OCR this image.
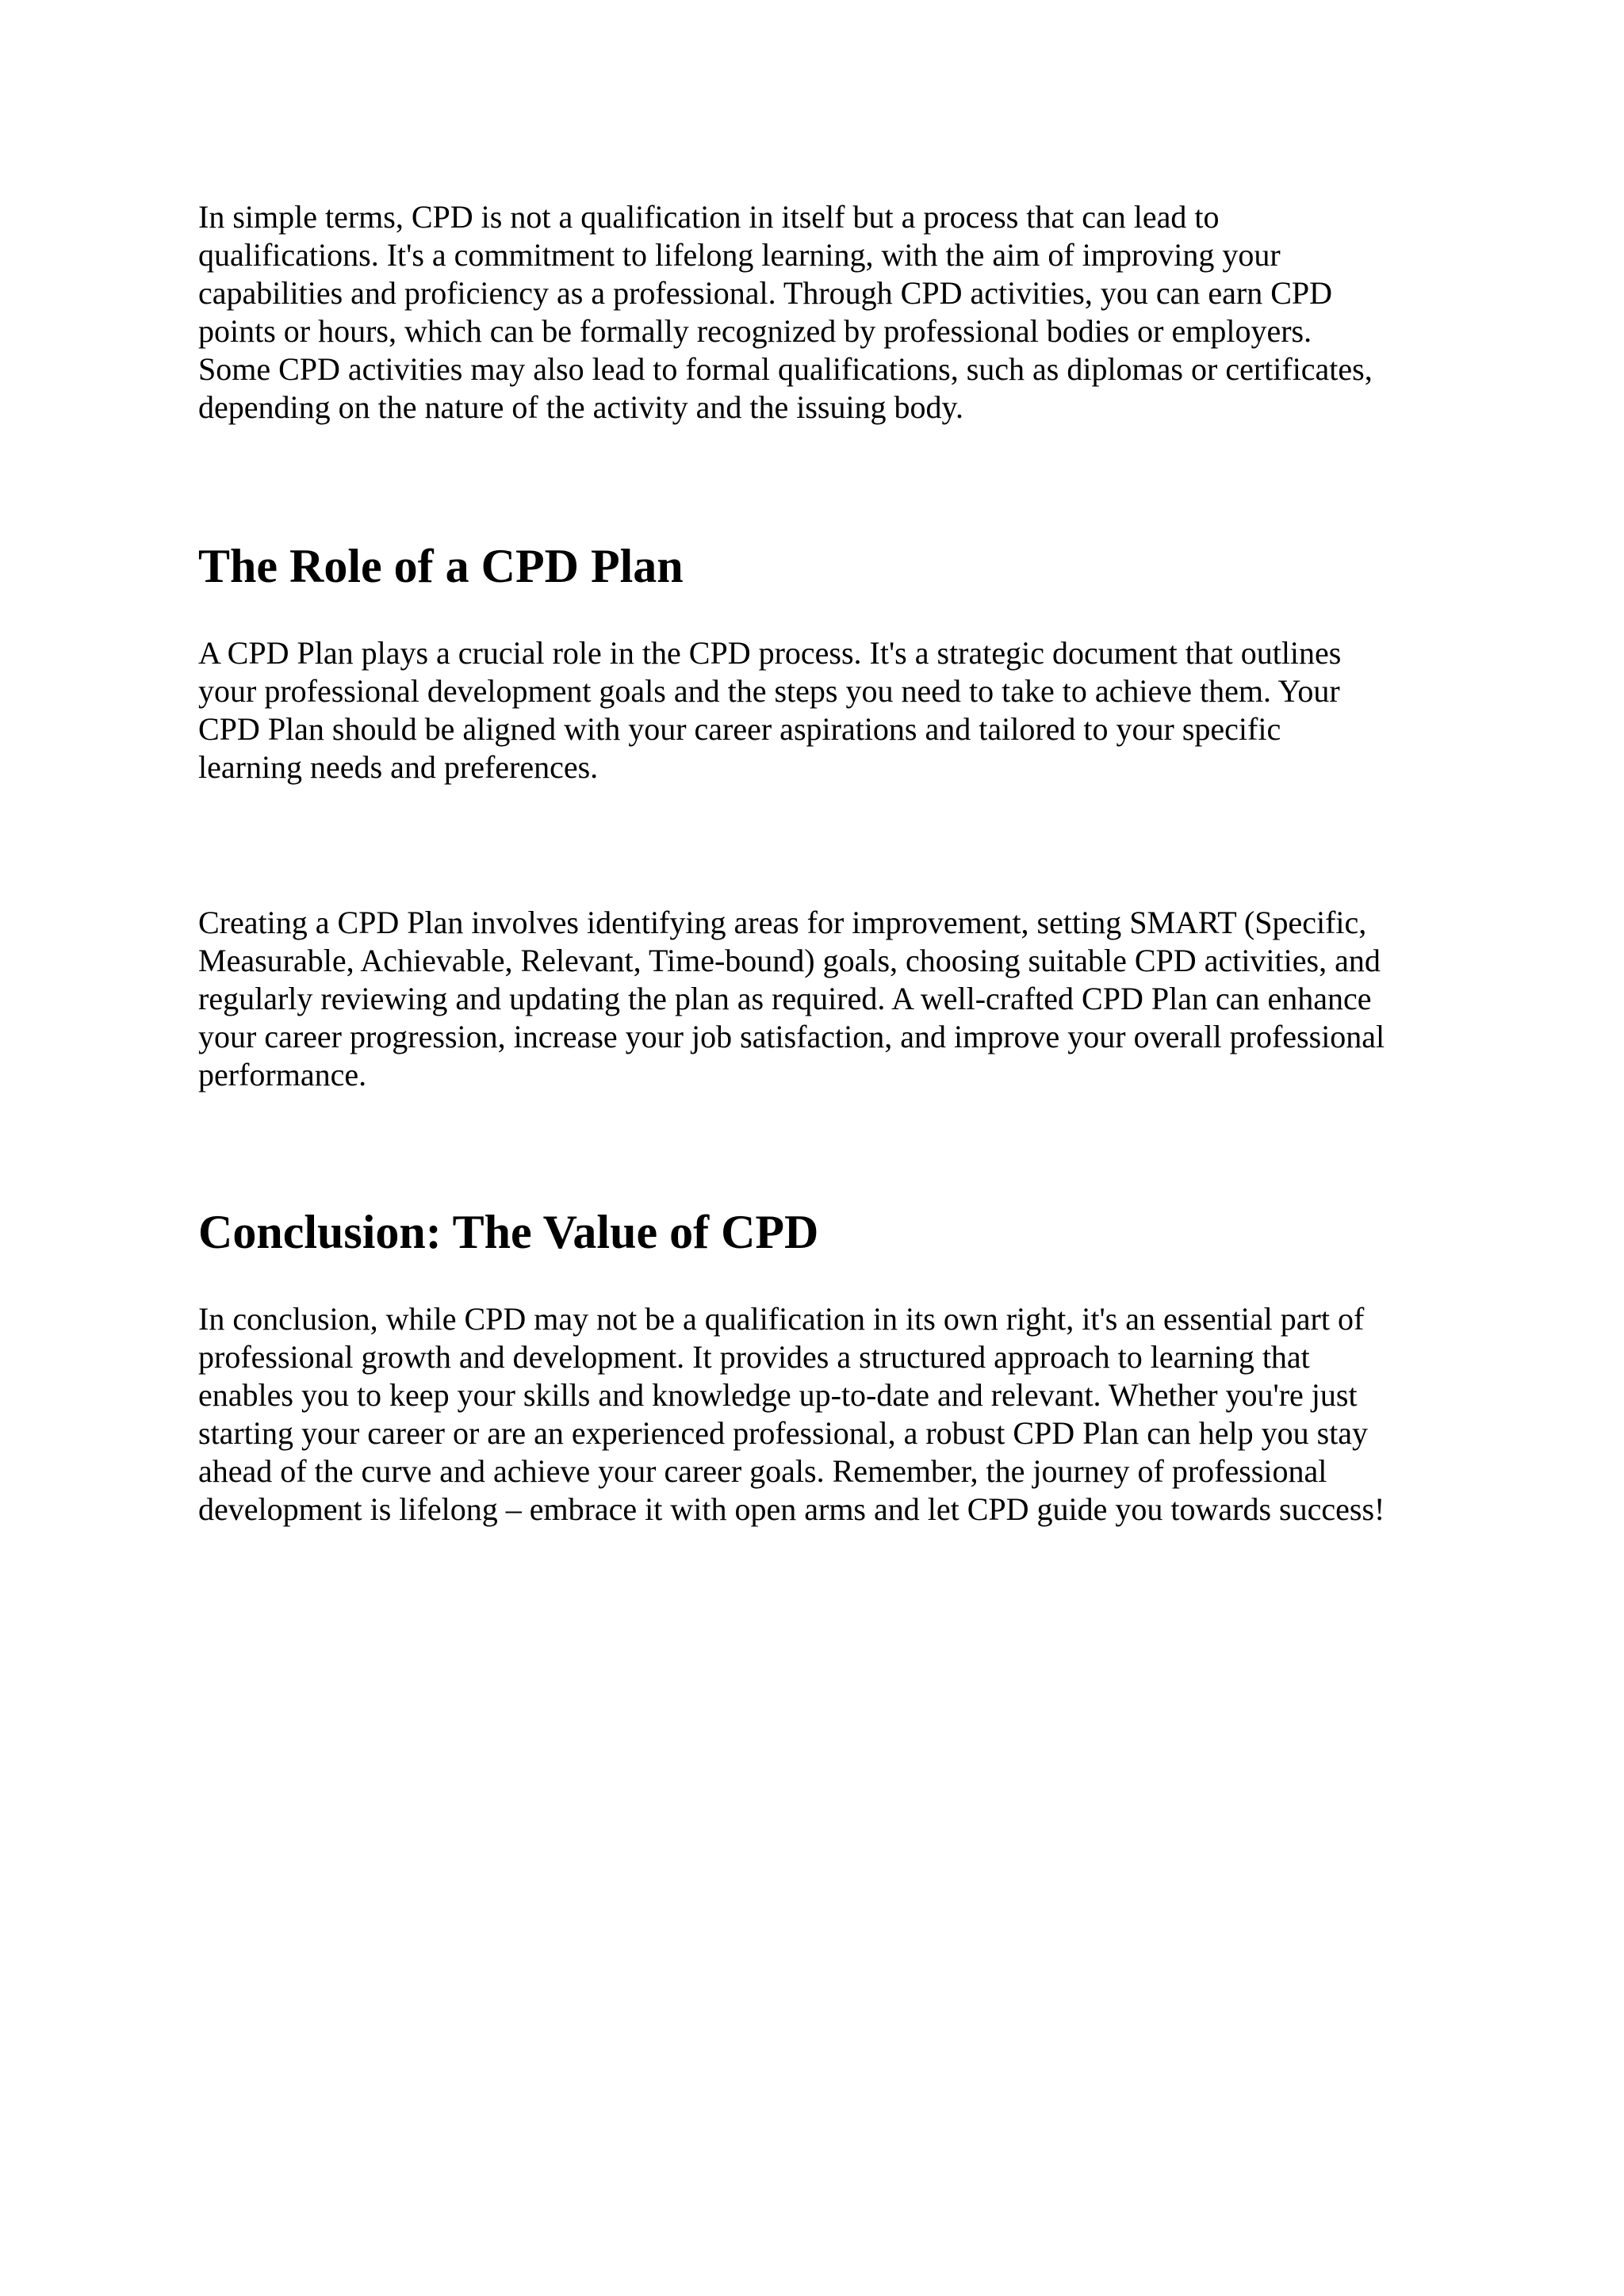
In simple terms, CPD is not a qualification in itself but a process that can lead to
qualifications. It's a commitment to lifelong learning, with the aim of improving your
capabilities and proficiency as a professional. Through CPD activities, you can earn CPD
points or hours, which can be formally recognized by professional bodies or employers.
Some CPD activities may also lead to formal qualifications, such as diplomas or certificates,
depending on the nature of the activity and the issuing body.

The Role of a CPD Plan

A CPD Plan plays a crucial role in the CPD process. It's a strategic document that outlines
your professional development goals and the steps you need to take to achieve them. Your
CPD Plan should be aligned with your career aspirations and tailored to your specific
learning needs and preferences.

Creating a CPD Plan involves identifying areas for improvement, setting SMART (Specific,
Measurable, Achievable, Relevant, Time-bound) goals, choosing suitable CPD activities, and
regularly reviewing and updating the plan as required. A well-crafted CPD Plan can enhance
your career progression, increase your job satisfaction, and improve your overall professional
performance.

Conclusion: The Value of CPD

In conclusion, while CPD may not be a qualification in its own right, it's an essential part of
professional growth and development. It provides a structured approach to learning that
enables you to keep your skills and knowledge up-to-date and relevant. Whether you're just
starting your career or are an experienced professional, a robust CPD Plan can help you stay
ahead of the curve and achieve your career goals. Remember, the journey of professional
development is lifelong – embrace it with open arms and let CPD guide you towards success!
